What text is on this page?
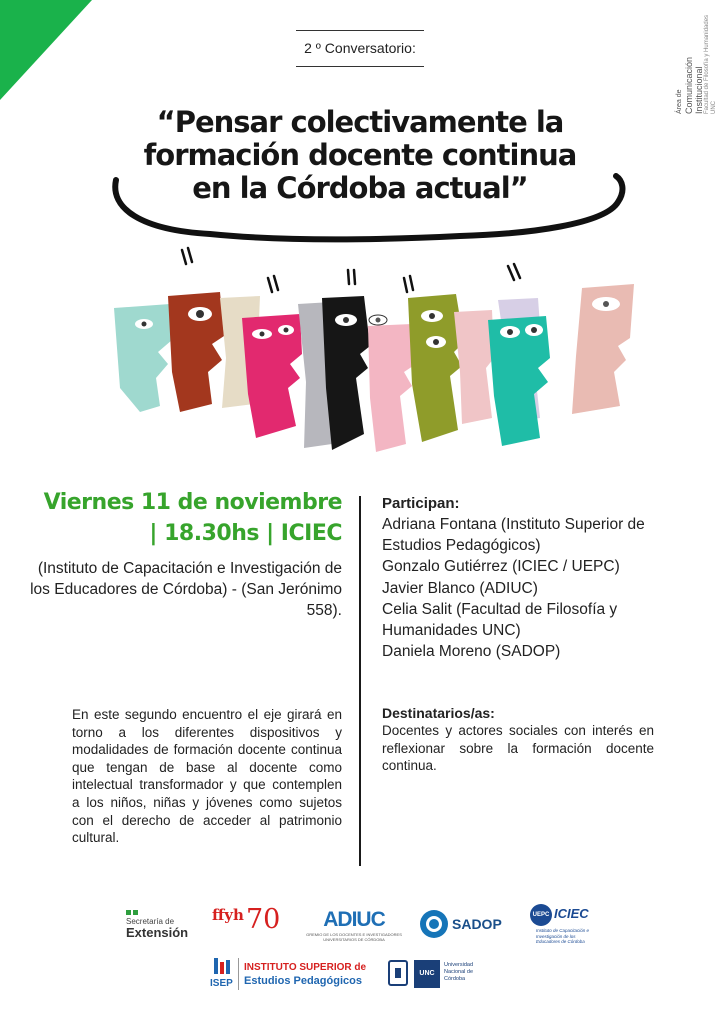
Área de Comunicación Institucional Facultad de Filosofía y Humanidades UNC
2 º Conversatorio:
“Pensar colectivamente la formación docente continua en la Córdoba actual”
Viernes 11 de noviembre
| 18.30hs | ICIEC
(Instituto de Capacitación e Investigación de los Educadores de Córdoba) - (San Jerónimo 558).
Participan:
Adriana Fontana (Instituto Superior de Estudios Pedagógicos)
Gonzalo Gutiérrez (ICIEC / UEPC)
Javier Blanco (ADIUC)
Celia Salit (Facultad de Filosofía y Humanidades UNC)
Daniela Moreno (SADOP)
Destinatarios/as:
Docentes y actores sociales con interés en reflexionar sobre la formación docente continua.
En este segundo encuentro el eje girará en torno a los diferentes dispositivos y modalidades de formación docente continua que tengan de base al docente como intelectual transformador y que contemplen a los niños, niñas y jóvenes como sujetos con el derecho de acceder al patrimonio cultural.
Secretaría de
Extensión
ffyh 70	ADIUC
GREMIO DE LOS DOCENTES E INVESTIGADORES UNIVERSITARIOS DE CÓRDOBA
SADOP
UEPC ICIEC
Instituto de Capacitación e Investigación de los Educadores de Córdoba
ISEP
INSTITUTO SUPERIOR de
Estudios Pedagógicos
UNC
Universidad Nacional de Córdoba
